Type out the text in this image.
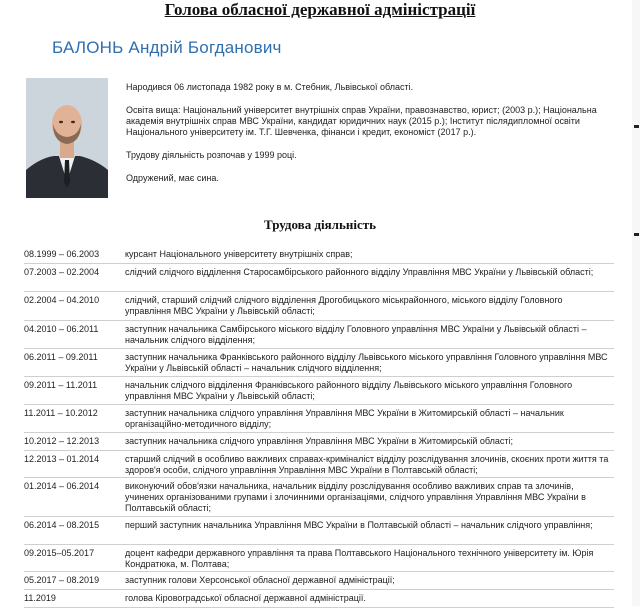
Голова обласної державної адміністрації
БАЛОНЬ Андрій Богданович

Народився 06 листопада 1982 року в м. Стебник, Львівської області.

Освіта вища: Національний університет внутрішніх справ України, правознавство, юрист; (2003 р.); Національна академія внутрішніх справ МВС України, кандидат юридичних наук (2015 р.); Інститут післядипломної освіти Національного університету ім. Т.Г. Шевченка, фінанси і кредит, економіст (2017 р.).

Трудову діяльність розпочав у 1999 році.

Одружений, має сина.

Трудова діяльність
08.1999 – 06.2003	курсант Національного університету внутрішніх справ;
07.2003 – 02.2004	слідчий слідчого відділення Старосамбірського районного відділу Управління МВС України у Львівській області;
02.2004 – 04.2010	слідчий, старший слідчий слідчого відділення Дрогобицького міськрайонного, міського відділу Головного управління МВС України у Львівській області;
04.2010 – 06.2011	заступник начальника Самбірського міського відділу Головного управління МВС України у Львівській області – начальник слідчого відділення;
06.2011 – 09.2011	заступник начальника Франківського районного відділу Львівського міського управління Головного управління МВС України у Львівській області – начальник слідчого відділення;
09.2011 – 11.2011	начальник слідчого відділення Франківського районного відділу Львівського міського управління Головного управління МВС України у Львівській області;
11.2011 – 10.2012	заступник начальника слідчого управління Управління МВС України в Житомирській області – начальник організаційно-методичного відділу;
10.2012 – 12.2013	заступник начальника слідчого управління Управління МВС України в Житомирській області;
12.2013 – 01.2014	старший слідчий в особливо важливих справах-криміналіст відділу розслідування злочинів, скоєних проти життя та здоров'я особи, слідчого управління Управління МВС України в Полтавській області;
01.2014 – 06.2014	виконуючий обов'язки начальника, начальник відділу розслідування особливо важливих справ та злочинів, учинених організованими групами і злочинними організаціями, слідчого управління Управління МВС України в Полтавській області;
06.2014 – 08.2015	перший заступник начальника Управління МВС України в Полтавській області – начальник слідчого управління;
09.2015–05.2017	доцент кафедри державного управління та права Полтавського Національного технічного університету ім. Юрія Кондратюка, м. Полтава;
05.2017 – 08.2019	заступник голови Херсонської обласної державної адміністрації;
11.2019	голова Кіровоградської обласної державної адміністрації.
